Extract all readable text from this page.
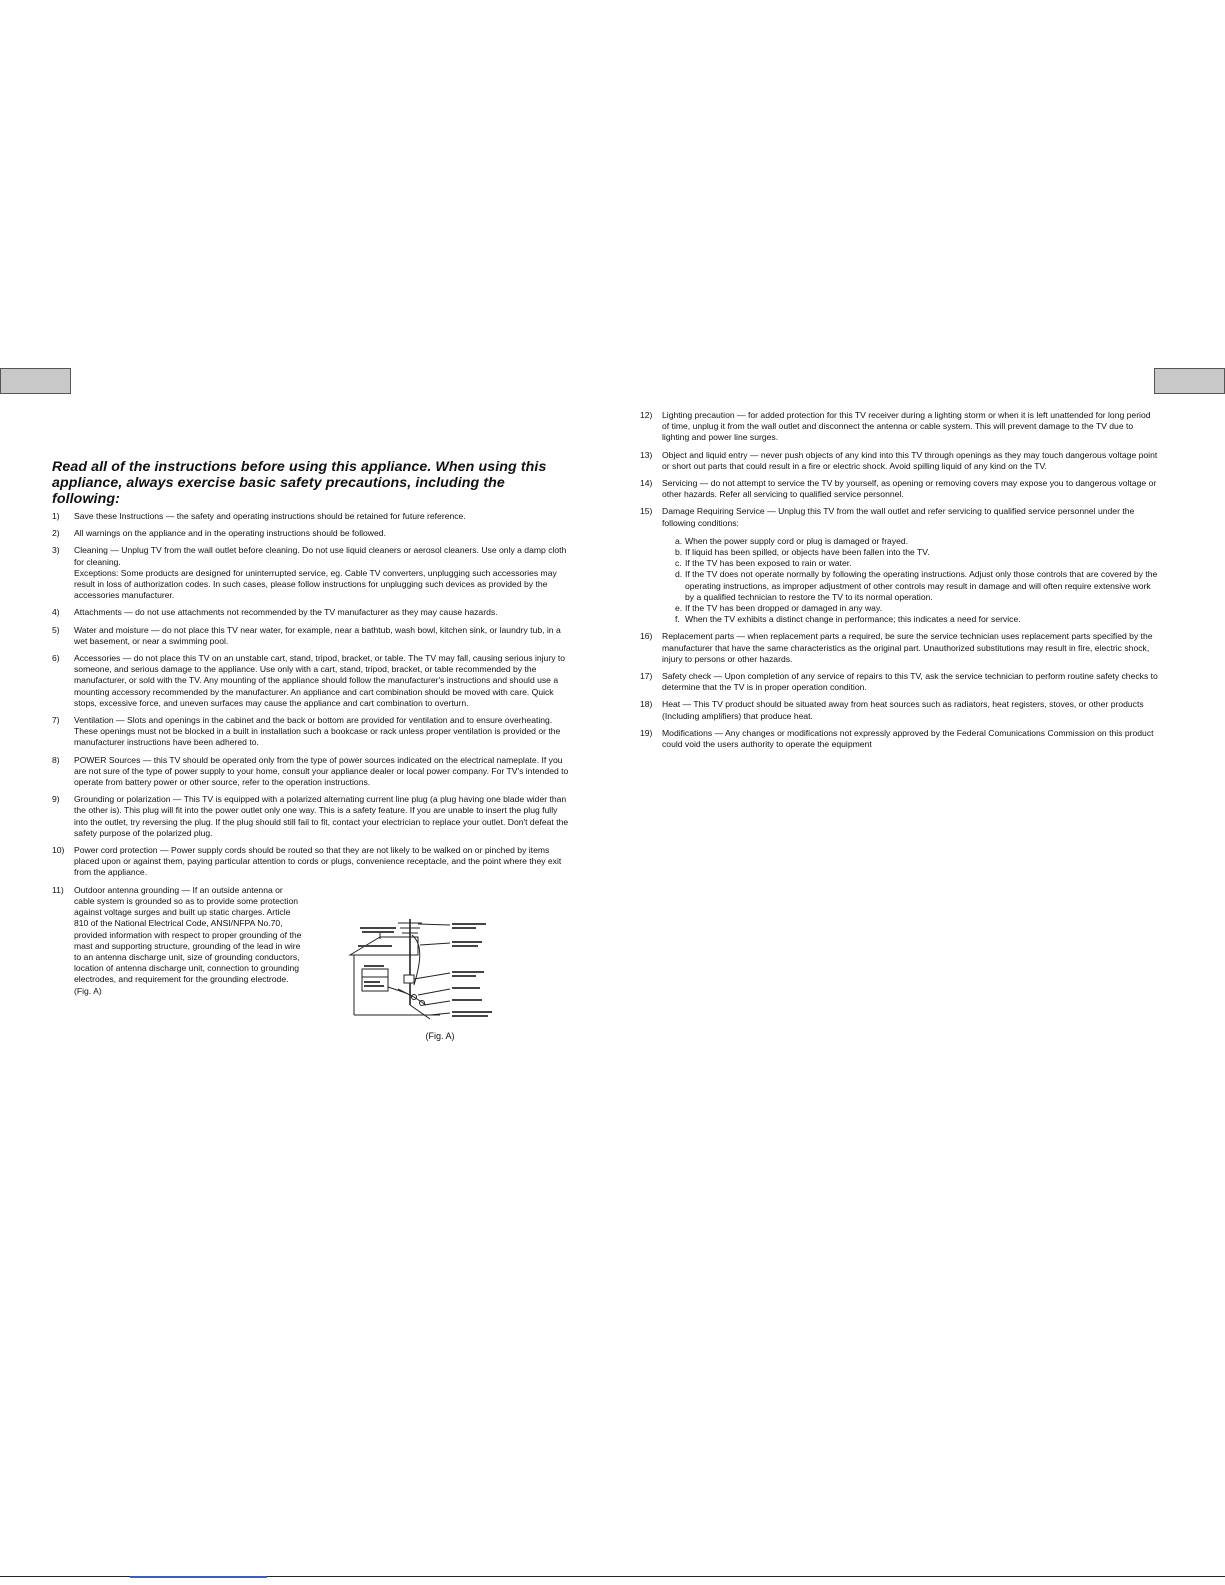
Read all of the instructions before using this appliance. When using this appliance, always exercise basic safety precautions, including the following:
1)	Save these Instructions — the safety and operating instructions should be retained for future reference.

2)	All warnings on the appliance and in the operating instructions should be followed.

3)	Cleaning — Unplug TV from the wall outlet before cleaning. Do not use liquid cleaners or aerosol cleaners. Use only a damp cloth for cleaning.

Exceptions: Some products are designed for uninterrupted service, eg. Cable TV converters, unplugging such accessories may result in loss of authorization codes. In such cases, please follow instructions for unplugging such devices as provided by the accessories manufacturer.

4)	Attachments — do not use attachments not recommended by the TV manufacturer as they may cause hazards.

5)	Water and moisture — do not place this TV near water, for example, near a bathtub, wash bowl, kitchen sink, or laundry tub, in a wet basement, or near a swimming pool.

6)	Accessories — do not place this TV on an unstable cart, stand, tripod, bracket, or table. The TV may fall, causing serious injury to someone, and serious damage to the appliance. Use only with a cart, stand, tripod, bracket, or table recommended by the manufacturer, or sold with the TV. Any mounting of the appliance should follow the manufacturer's instructions and should use a mounting accessory recommended by the manufacturer. An appliance and cart combination should be moved with care. Quick stops, excessive force, and uneven surfaces may cause the appliance and cart combination to overturn.

7)	Ventilation — Slots and openings in the cabinet and the back or bottom are provided for ventilation and to ensure overheating. These openings must not be blocked in a built in installation such a bookcase or rack unless proper ventilation is provided or the manufacturer instructions have been adhered to.

8)	POWER Sources — this TV should be operated only from the type of power sources indicated on the electrical nameplate. If you are not sure of the type of power supply to your home, consult your appliance dealer or local power company. For TV's intended to operate from battery power or other source, refer to the operation instructions.

9)	Grounding or polarization — This TV is equipped with a polarized alternating current line plug (a plug having one blade wider than the other is). This plug will fit into the power outlet only one way. This is a safety feature. If you are unable to insert the plug fully into the outlet, try reversing the plug. If the plug should still fail to fit, contact your electrician to replace your outlet. Don't defeat the safety purpose of the polarized plug.

10)	Power cord protection — Power supply cords should be routed so that they are not likely to be walked on or pinched by items placed upon or against them, paying particular attention to cords or plugs, convenience receptacle, and the point where they exit from the appliance.

11)	Outdoor antenna grounding — If an outside antenna or cable system is grounded so as to provide some protection against voltage surges and built up static charges. Article 810 of the National Electrical Code, ANSI/NFPA No.70, provided information with respect to proper grounding of the mast and supporting structure, grounding of the lead in wire to an antenna discharge unit, size of grounding conductors, location of antenna discharge unit, connection to grounding electrodes, and requirement for the grounding electrode. (Fig. A)

(Fig. A)
12)	Lighting precaution — for added protection for this TV receiver during a lighting storm or when it is left unattended for long period of time, unplug it from the wall outlet and disconnect the antenna or cable system. This will prevent damage to the TV due to lighting and power line surges.

13)	Object and liquid entry — never push objects of any kind into this TV through openings as they may touch dangerous voltage point or short out parts that could result in a fire or electric shock. Avoid spilling liquid of any kind on the TV.

14)	Servicing — do not attempt to service the TV by yourself, as opening or removing covers may expose you to dangerous voltage or other hazards. Refer all servicing to qualified service personnel.

15)	Damage Requiring Service — Unplug this TV from the wall outlet and refer servicing to qualified service personnel under the following conditions:

a. When the power supply cord or plug is damaged or frayed.
b. If liquid has been spilled, or objects have been fallen into the TV.
c. If the TV has been exposed to rain or water.
d. If the TV does not operate normally by following the operating instructions. Adjust only those controls that are covered by the operating instructions, as improper adjustment of other controls may result in damage and will often require extensive work by a qualified technician to restore the TV to its normal operation.
e. If the TV has been dropped or damaged in any way.
f. When the TV exhibits a distinct change in performance; this indicates a need for service.
16)	Replacement parts — when replacement parts a required, be sure the service technician uses replacement parts specified by the manufacturer that have the same characteristics as the original part. Unauthorized substitutions may result in fire, electric shock, injury to persons or other hazards.

17)	Safety check — Upon completion of any service of repairs to this TV, ask the service technician to perform routine safety checks to determine that the TV is in proper operation condition.

18)	Heat — This TV product should be situated away from heat sources such as radiators, heat registers, stoves, or other products (Including amplifiers) that produce heat.

19)	Modifications — Any changes or modifications not expressly approved by the Federal Comunications Commission on this product could void the users authority to operate the equipment
